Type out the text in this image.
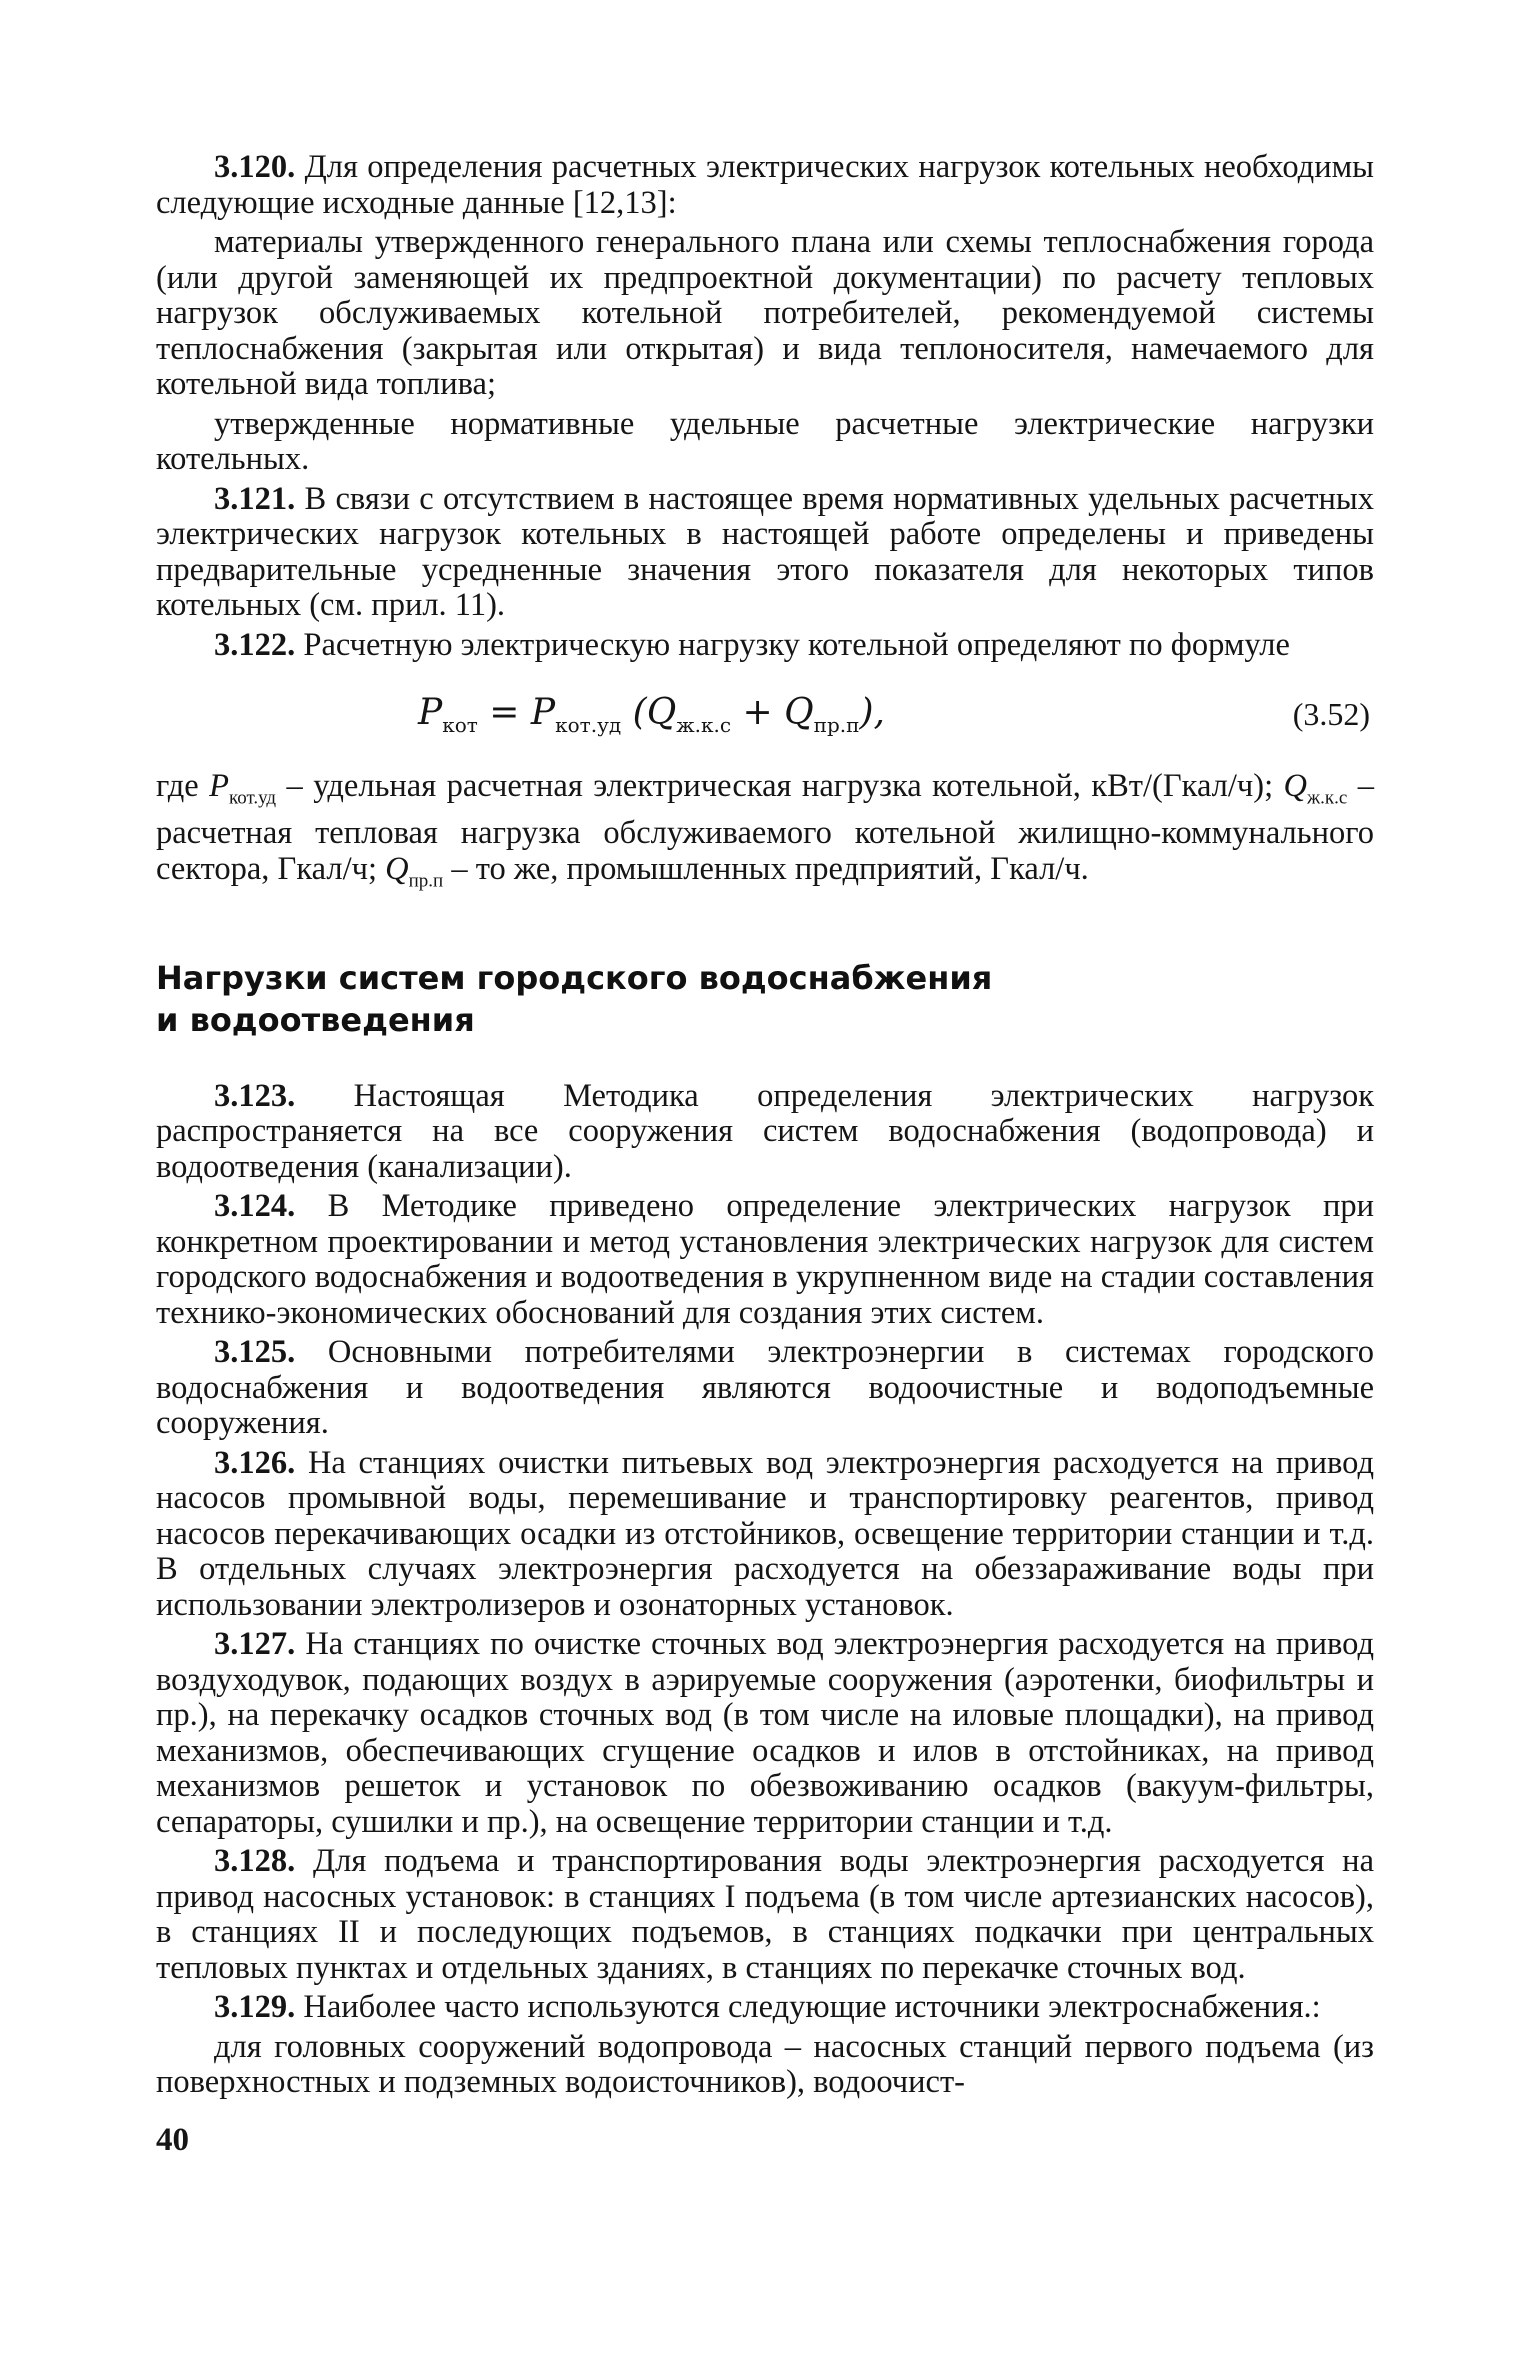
3.120. Для определения расчетных электрических нагрузок котельных необходимы следующие исходные данные [12,13]:

материалы утвержденного генерального плана или схемы теплоснабжения города (или другой заменяющей их предпроектной документации) по расчету тепловых нагрузок обслуживаемых котельной потребителей, рекомендуемой системы теплоснабжения (закрытая или открытая) и вида теплоносителя, намечаемого для котельной вида топлива;

утвержденные нормативные удельные расчетные электрические нагрузки котельных.

3.121. В связи с отсутствием в настоящее время нормативных удельных расчетных электрических нагрузок котельных в настоящей работе определены и приведены предварительные усредненные значения этого показателя для некоторых типов котельных (см. прил. 11).

3.122. Расчетную электрическую нагрузку котельной определяют по формуле

$P_{кот} = P_{кот.уд}$ $(Q_{ж.к.с} + Q_{пр.п})$,	(3.52)

где $P_{кот.уд}$ – удельная расчетная электрическая нагрузка котельной, кВт/(Гкал/ч); $Q_{ж.к.с}$ – расчетная тепловая нагрузка обслуживаемого котельной жилищно-коммунального сектора, Гкал/ч; $Q_{пр.п}$ – то же, промышленных предприятий, Гкал/ч.

Нагрузки систем городского водоснабжения
и водоотведения

3.123. Настоящая Методика определения электрических нагрузок распространяется на все сооружения систем водоснабжения (водопровода) и водоотведения (канализации).

3.124. В Методике приведено определение электрических нагрузок при конкретном проектировании и метод установления электрических нагрузок для систем городского водоснабжения и водоотведения в укрупненном виде на стадии составления технико-экономических обоснований для создания этих систем.

3.125. Основными потребителями электроэнергии в системах городского водоснабжения и водоотведения являются водоочистные и водоподъемные сооружения.

3.126. На станциях очистки питьевых вод электроэнергия расходуется на привод насосов промывной воды, перемешивание и транспортировку реагентов, привод насосов перекачивающих осадки из отстойников, освещение территории станции и т.д. В отдельных случаях электроэнергия расходуется на обеззараживание воды при использовании электролизеров и озонаторных установок.

3.127. На станциях по очистке сточных вод электроэнергия расходуется на привод воздуходувок, подающих воздух в аэрируемые сооружения (аэротенки, биофильтры и пр.), на перекачку осадков сточных вод (в том числе на иловые площадки), на привод механизмов, обеспечивающих сгущение осадков и илов в отстойниках, на привод механизмов решеток и установок по обезвоживанию осадков (вакуум-фильтры, сепараторы, сушилки и пр.), на освещение территории станции и т.д.

3.128. Для подъема и транспортирования воды электроэнергия расходуется на привод насосных установок: в станциях I подъема (в том числе артезианских насосов), в станциях II и последующих подъемов, в станциях подкачки при центральных тепловых пунктах и отдельных зданиях, в станциях по перекачке сточных вод.

3.129. Наиболее часто используются следующие источники электроснабжения.:

для головных сооружений водопровода – насосных станций первого подъема (из поверхностных и подземных водоисточников), водоочист-

40
